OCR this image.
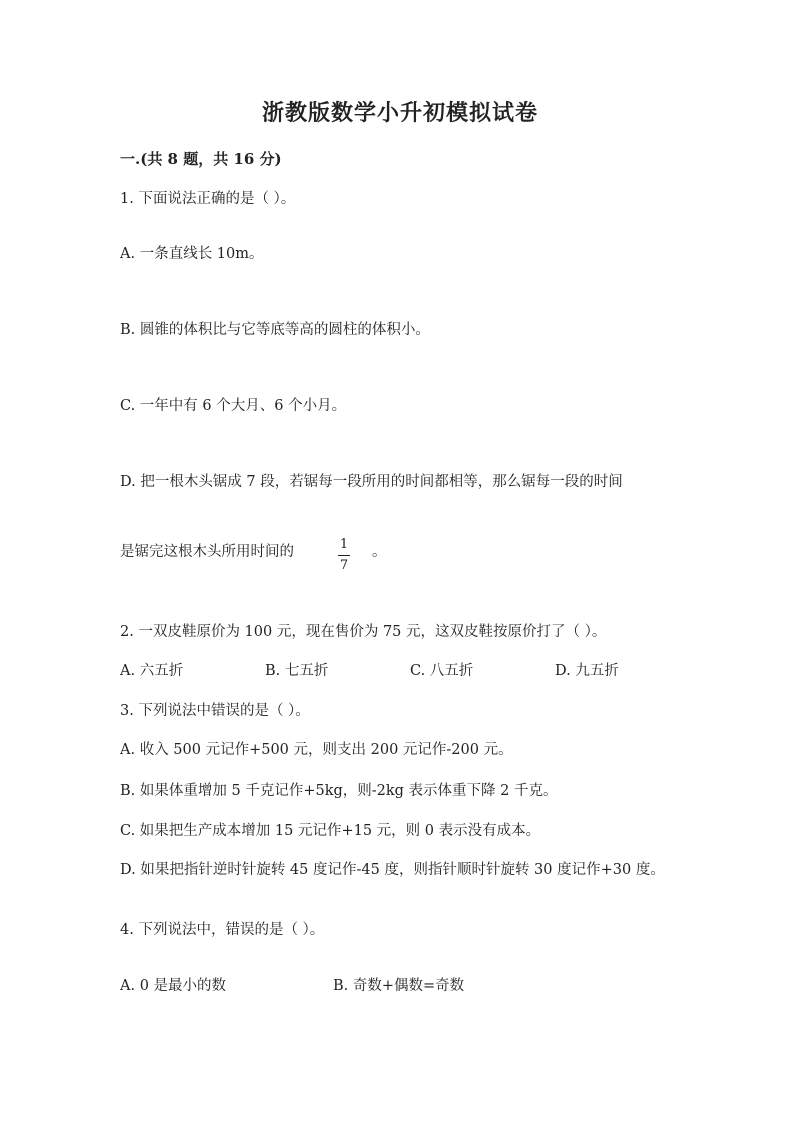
浙教版数学小升初模拟试卷
一.(共 8 题，共 16 分)
1. 下面说法正确的是（ ）。
A. 一条直线长 10m。
B. 圆锥的体积比与它等底等高的圆柱的体积小。
C. 一年中有 6 个大月、6 个小月。
D. 把一根木头锯成 7 段，若锯每一段所用的时间都相等，那么锯每一段的时间
是锯完这根木头所用时间的	1
7
。
2. 一双皮鞋原价为 100 元，现在售价为 75 元，这双皮鞋按原价打了（ ）。
A. 六五折	B. 七五折	C. 八五折	D. 九五折
3. 下列说法中错误的是（ ）。
A. 收入 500 元记作+500 元，则支出 200 元记作-200 元。
B. 如果体重增加 5 千克记作+5kg，则-2kg 表示体重下降 2 千克。
C. 如果把生产成本增加 15 元记作+15 元，则 0 表示没有成本。
D. 如果把指针逆时针旋转 45 度记作-45 度，则指针顺时针旋转 30 度记作+30 度。
4. 下列说法中，错误的是（ ）。
A. 0 是最小的数	B. 奇数+偶数=奇数
